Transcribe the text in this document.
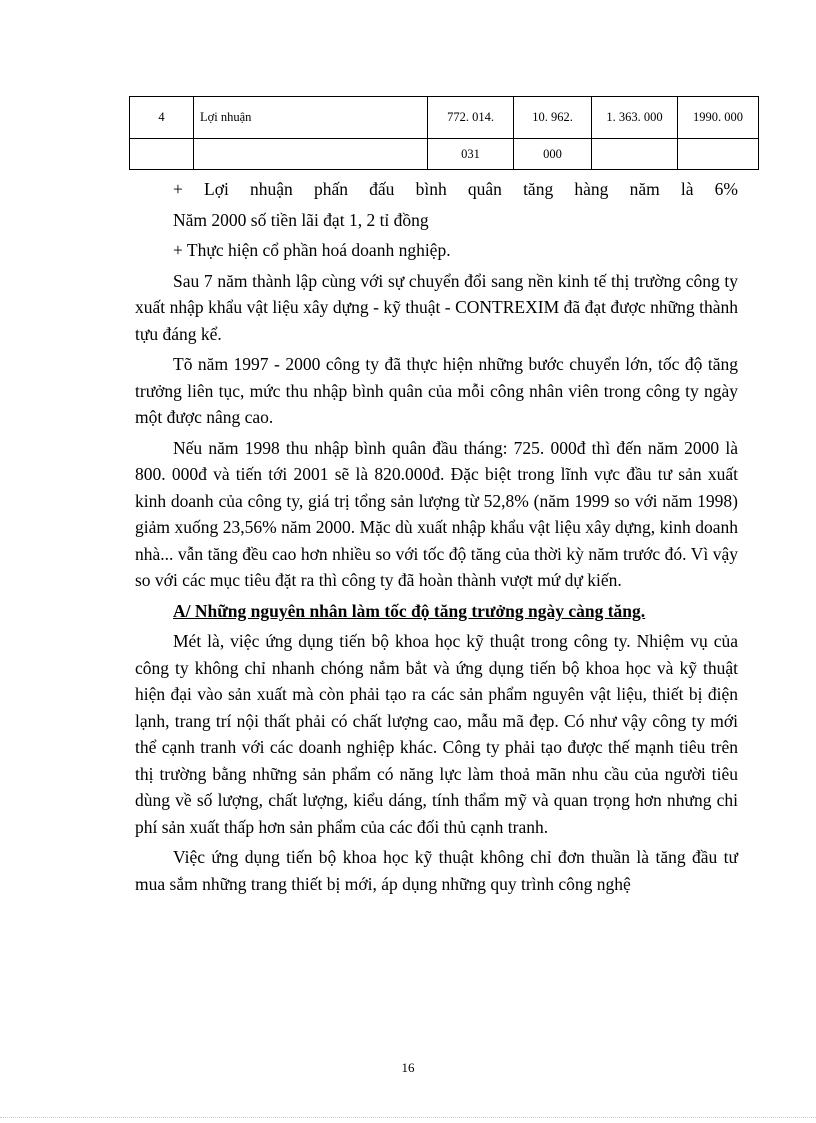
4	Lợi nhuận	772. 014.	10. 962.	1. 363. 000	1990. 000
		031	000		

+ Lợi nhuận phấn đấu bình quân tăng hàng năm là 6%

Năm 2000 số tiền lãi đạt 1, 2 tỉ đồng

+ Thực hiện cổ phần hoá doanh nghiệp.

Sau 7 năm thành lập cùng với sự chuyển đổi sang nền kinh tế thị trường công ty xuất nhập khẩu vật liệu xây dựng - kỹ thuật - CONTREXIM đã đạt được những thành tựu đáng kể.

Tõ năm 1997 - 2000 công ty đã thực hiện những bước chuyển lớn, tốc độ tăng trưởng liên tục, mức thu nhập bình quân của mỗi công nhân viên trong công ty ngày một được nâng cao.

Nếu năm 1998 thu nhập bình quân đầu tháng: 725. 000đ thì đến năm 2000 là 800. 000đ và tiến tới 2001 sẽ là 820.000đ. Đặc biệt trong lĩnh vực đầu tư sản xuất kinh doanh của công ty, giá trị tổng sản lượng từ 52,8% (năm 1999 so với năm 1998) giảm xuống 23,56% năm 2000. Mặc dù xuất nhập khẩu vật liệu xây dựng, kinh doanh nhà... vẫn tăng đều cao hơn nhiều so với tốc độ tăng của thời kỳ năm trước đó. Vì vậy so với các mục tiêu đặt ra thì công ty đã hoàn thành vượt mứ dự kiến.

A/ Những nguyên nhân làm tốc độ tăng trưởng ngày càng tăng.

Mét là, việc ứng dụng tiến bộ khoa học kỹ thuật trong công ty. Nhiệm vụ của công ty không chỉ nhanh chóng nắm bắt và ứng dụng tiến bộ khoa học và kỹ thuật hiện đại vào sản xuất mà còn phải tạo ra các sản phẩm nguyên vật liệu, thiết bị điện lạnh, trang trí nội thất phải có chất lượng cao, mẫu mã đẹp. Có như vậy công ty mới thể cạnh tranh với các doanh nghiệp khác. Công ty phải tạo được thế mạnh tiêu trên thị trường bằng những sản phẩm có năng lực làm thoả mãn nhu cầu của người tiêu dùng về số lượng, chất lượng, kiểu dáng, tính thẩm mỹ và quan trọng hơn nhưng chi phí sản xuất thấp hơn sản phẩm của các đối thủ cạnh tranh.

Việc ứng dụng tiến bộ khoa học kỹ thuật không chỉ đơn thuần là tăng đầu tư mua sắm những trang thiết bị mới, áp dụng những quy trình công nghệ

16
